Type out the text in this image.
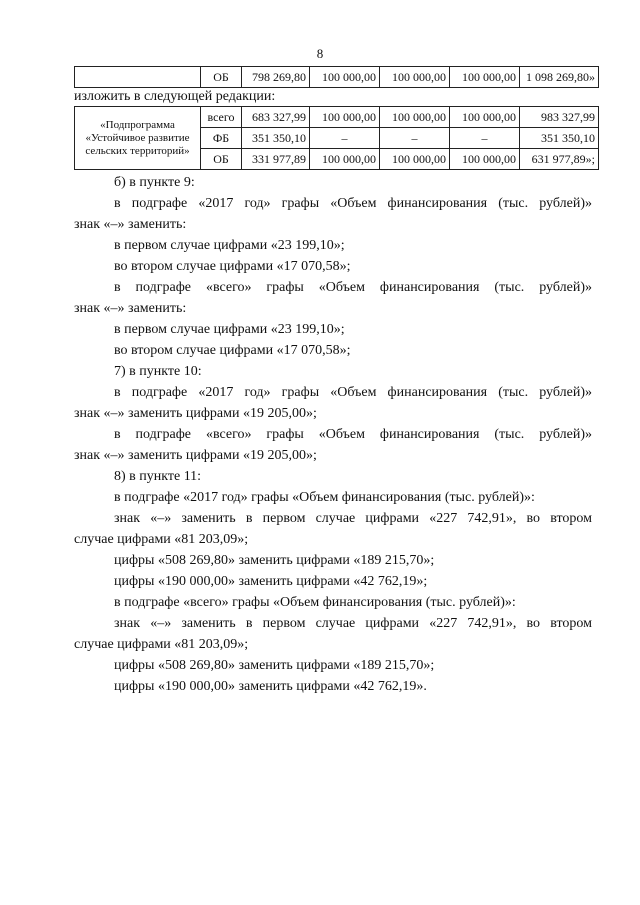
8
	ОБ	798 269,80	100 000,00	100 000,00	100 000,00	1 098 269,80»
изложить в следующей редакции:
«Подпрограмма «Устойчивое развитие сельских территорий»	всего	683 327,99	100 000,00	100 000,00	100 000,00	983 327,99
	ФБ	351 350,10	–	–	–	351 350,10
	ОБ	331 977,89	100 000,00	100 000,00	100 000,00	631 977,89»;
б) в пункте 9:
в подграфе «2017 год» графы «Объем финансирования (тыс. рублей)»
знак «–» заменить:
в первом случае цифрами «23 199,10»;
во втором случае цифрами «17 070,58»;
в подграфе «всего» графы «Объем финансирования (тыс. рублей)»
знак «–» заменить:
в первом случае цифрами «23 199,10»;
во втором случае цифрами «17 070,58»;
7) в пункте 10:
в подграфе «2017 год» графы «Объем финансирования (тыс. рублей)»
знак «–» заменить цифрами «19 205,00»;
в подграфе «всего» графы «Объем финансирования (тыс. рублей)»
знак «–» заменить цифрами «19 205,00»;
8) в пункте 11:
в подграфе «2017 год» графы «Объем финансирования (тыс. рублей)»:
знак «–» заменить в первом случае цифрами «227 742,91», во втором
случае цифрами «81 203,09»;
цифры «508 269,80» заменить цифрами «189 215,70»;
цифры «190 000,00» заменить цифрами «42 762,19»;
в подграфе «всего» графы «Объем финансирования (тыс. рублей)»:
знак «–» заменить в первом случае цифрами «227 742,91», во втором
случае цифрами «81 203,09»;
цифры «508 269,80» заменить цифрами «189 215,70»;
цифры «190 000,00» заменить цифрами «42 762,19».
